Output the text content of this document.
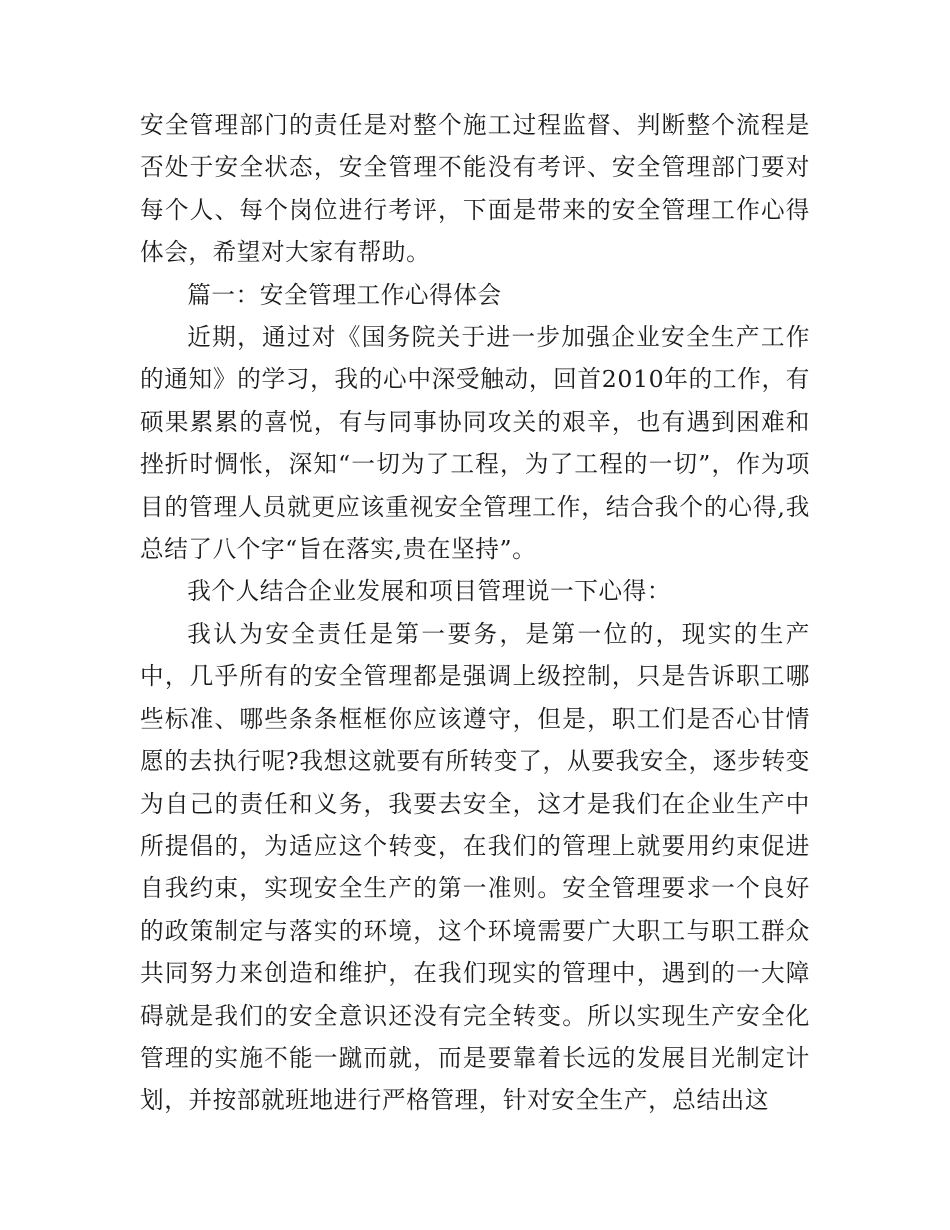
安全管理部门的责任是对整个施工过程监督、判断整个流程是否处于安全状态，安全管理不能没有考评、安全管理部门要对每个人、每个岗位进行考评，下面是带来的安全管理工作心得体会，希望对大家有帮助。

篇一：安全管理工作心得体会

近期，通过对《国务院关于进一步加强企业安全生产工作的通知》的学习，我的心中深受触动，回首2010年的工作，有硕果累累的喜悦，有与同事协同攻关的艰辛，也有遇到困难和挫折时惆怅，深知“一切为了工程，为了工程的一切”，作为项目的管理人员就更应该重视安全管理工作，结合我个的心得,我总结了八个字“旨在落实,贵在坚持”。

我个人结合企业发展和项目管理说一下心得：

我认为安全责任是第一要务，是第一位的，现实的生产中，几乎所有的安全管理都是强调上级控制，只是告诉职工哪些标准、哪些条条框框你应该遵守，但是，职工们是否心甘情愿的去执行呢?我想这就要有所转变了，从要我安全，逐步转变为自己的责任和义务，我要去安全，这才是我们在企业生产中所提倡的，为适应这个转变，在我们的管理上就要用约束促进自我约束，实现安全生产的第一准则。安全管理要求一个良好的政策制定与落实的环境，这个环境需要广大职工与职工群众共同努力来创造和维护，在我们现实的管理中，遇到的一大障碍就是我们的安全意识还没有完全转变。所以实现生产安全化管理的实施不能一蹴而就，而是要靠着长远的发展目光制定计划，并按部就班地进行严格管理，针对安全生产，总结出这
